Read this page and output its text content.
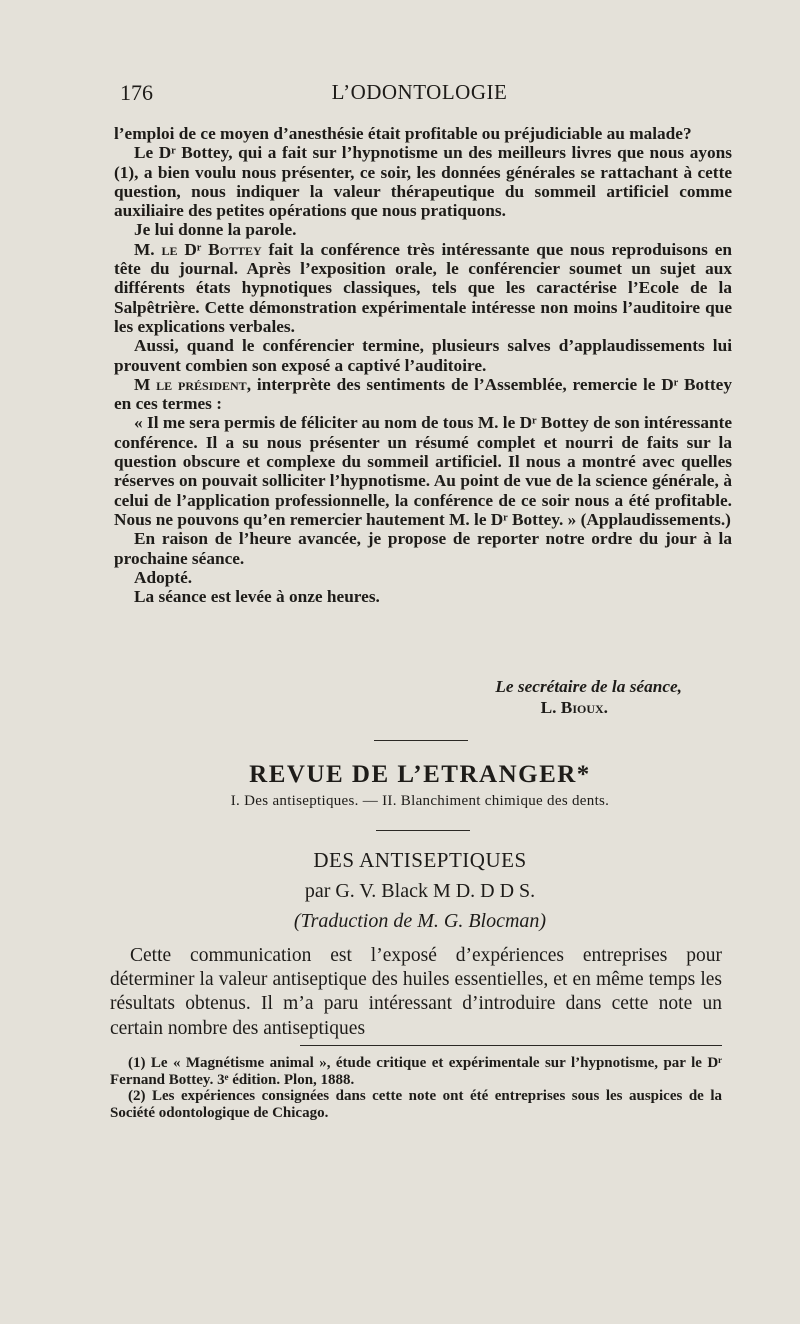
176	L’ODONTOLOGIE

l’emploi de ce moyen d’anesthésie était profitable ou préjudiciable au malade?

Le Dʳ Bottey, qui a fait sur l’hypnotisme un des meilleurs livres que nous ayons (1), a bien voulu nous présenter, ce soir, les données générales se rattachant à cette question, nous indiquer la valeur thérapeutique du sommeil artificiel comme auxiliaire des petites opérations que nous pratiquons.

Je lui donne la parole.

M. le Dʳ Bottey fait la conférence très intéressante que nous reproduisons en tête du journal. Après l’exposition orale, le conférencier soumet un sujet aux différents états hypnotiques classiques, tels que les caractérise l’Ecole de la Salpêtrière. Cette démonstration expérimentale intéresse non moins l’auditoire que les explications verbales.

Aussi, quand le conférencier termine, plusieurs salves d’applaudissements lui prouvent combien son exposé a captivé l’auditoire.

M le président, interprète des sentiments de l’Assemblée, remercie le Dʳ Bottey en ces termes :

« Il me sera permis de féliciter au nom de tous M. le Dʳ Bottey de son intéressante conférence. Il a su nous présenter un résumé complet et nourri de faits sur la question obscure et complexe du sommeil artificiel. Il nous a montré avec quelles réserves on pouvait solliciter l’hypnotisme. Au point de vue de la science générale, à celui de l’application professionnelle, la conférence de ce soir nous a été profitable. Nous ne pouvons qu’en remercier hautement M. le Dʳ Bottey. » (Applaudissements.)

En raison de l’heure avancée, je propose de reporter notre ordre du jour à la prochaine séance.

Adopté.

La séance est levée à onze heures.

Le secrétaire de la séance,
L. Bioux.
REVUE DE L’ETRANGER*
I. Des antiseptiques. — II. Blanchiment chimique des dents.
DES ANTISEPTIQUES
par G. V. Black M D. D D S.
(Traduction de M. G. Blocman)

Cette communication est l’exposé d’expériences entreprises pour déterminer la valeur antiseptique des huiles essentielles, et en même temps les résultats obtenus. Il m’a paru intéressant d’introduire dans cette note un certain nombre des antiseptiques

(1) Le « Magnétisme animal », étude critique et expérimentale sur l’hypnotisme, par le Dʳ Fernand Bottey. 3ᵉ édition. Plon, 1888.

(2) Les expériences consignées dans cette note ont été entreprises sous les auspices de la Société odontologique de Chicago.
